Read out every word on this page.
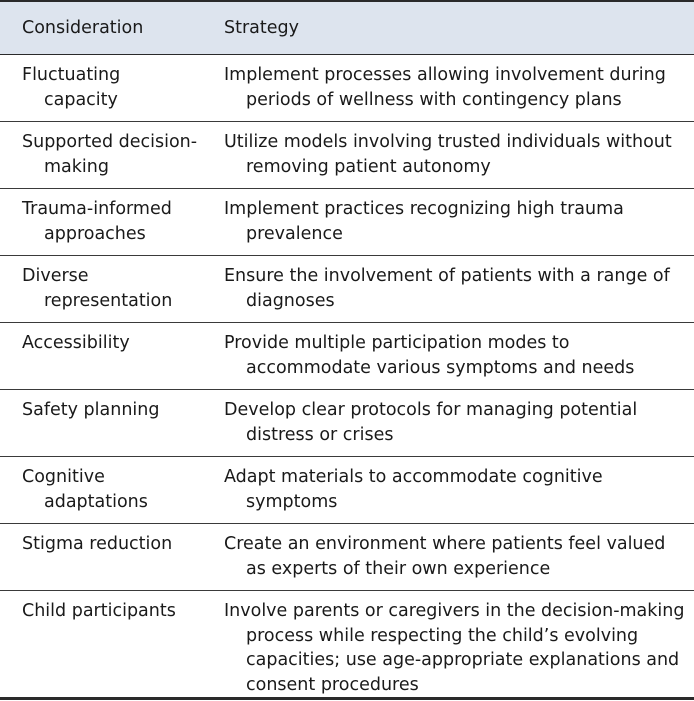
Consideration	Strategy

Fluctuating capacity	Implement processes allowing involvement during periods of wellness with contingency plans

Supported decision-making	Utilize models involving trusted individuals without removing patient autonomy

Trauma-informed approaches	Implement practices recognizing high trauma prevalence

Diverse representation	Ensure the involvement of patients with a range of diagnoses

Accessibility	Provide multiple participation modes to accommodate various symptoms and needs

Safety planning	Develop clear protocols for managing potential distress or crises

Cognitive adaptations	Adapt materials to accommodate cognitive symptoms

Stigma reduction	Create an environment where patients feel valued as experts of their own experience

Child participants	Involve parents or caregivers in the decision-making process while respecting the child’s evolving capacities; use age-appropriate explanations and consent procedures
